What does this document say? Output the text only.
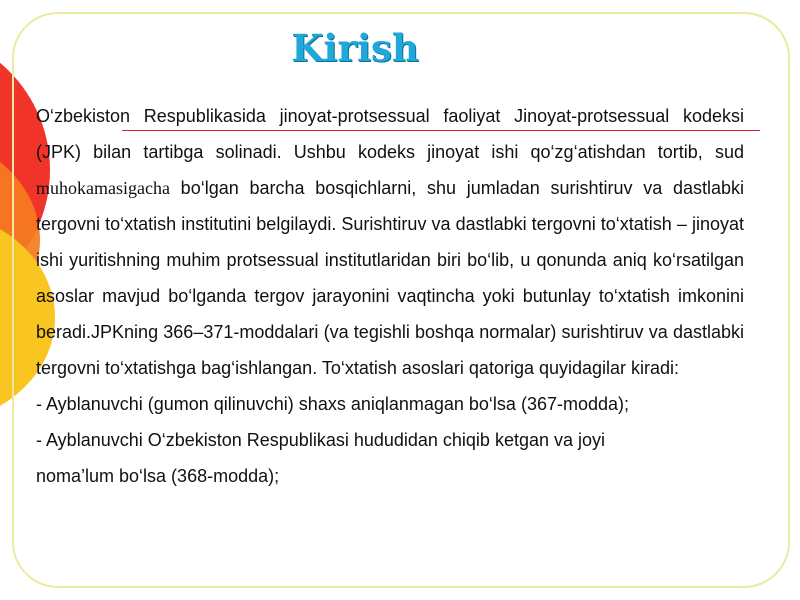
Kirish

O‘zbekiston Respublikasida jinoyat-protsessual faoliyat Jinoyat-protsessual kodeksi (JPK) bilan tartibga solinadi. Ushbu kodeks jinoyat ishi qo‘zg‘atishdan tortib, sud muhokamasigacha bo‘lgan barcha bosqichlarni, shu jumladan surishtiruv va dastlabki tergovni to‘xtatish institutini belgilaydi. Surishtiruv va dastlabki tergovni to‘xtatish – jinoyat ishi yuritishning muhim protsessual institutlaridan biri bo‘lib, u qonunda aniq ko‘rsatilgan asoslar mavjud bo‘lganda tergov jarayonini vaqtincha yoki butunlay to‘xtatish imkonini beradi.JPKning 366–371-moddalari (va tegishli boshqa normalar) surishtiruv va dastlabki tergovni to‘xtatishga bag‘ishlangan. To‘xtatish asoslari qatoriga quyidagilar kiradi:

- Ayblanuvchi (gumon qilinuvchi) shaxs aniqlanmagan bo‘lsa (367-modda);

- Ayblanuvchi O‘zbekiston Respublikasi hududidan chiqib ketgan va joyi

noma’lum bo‘lsa (368-modda);
